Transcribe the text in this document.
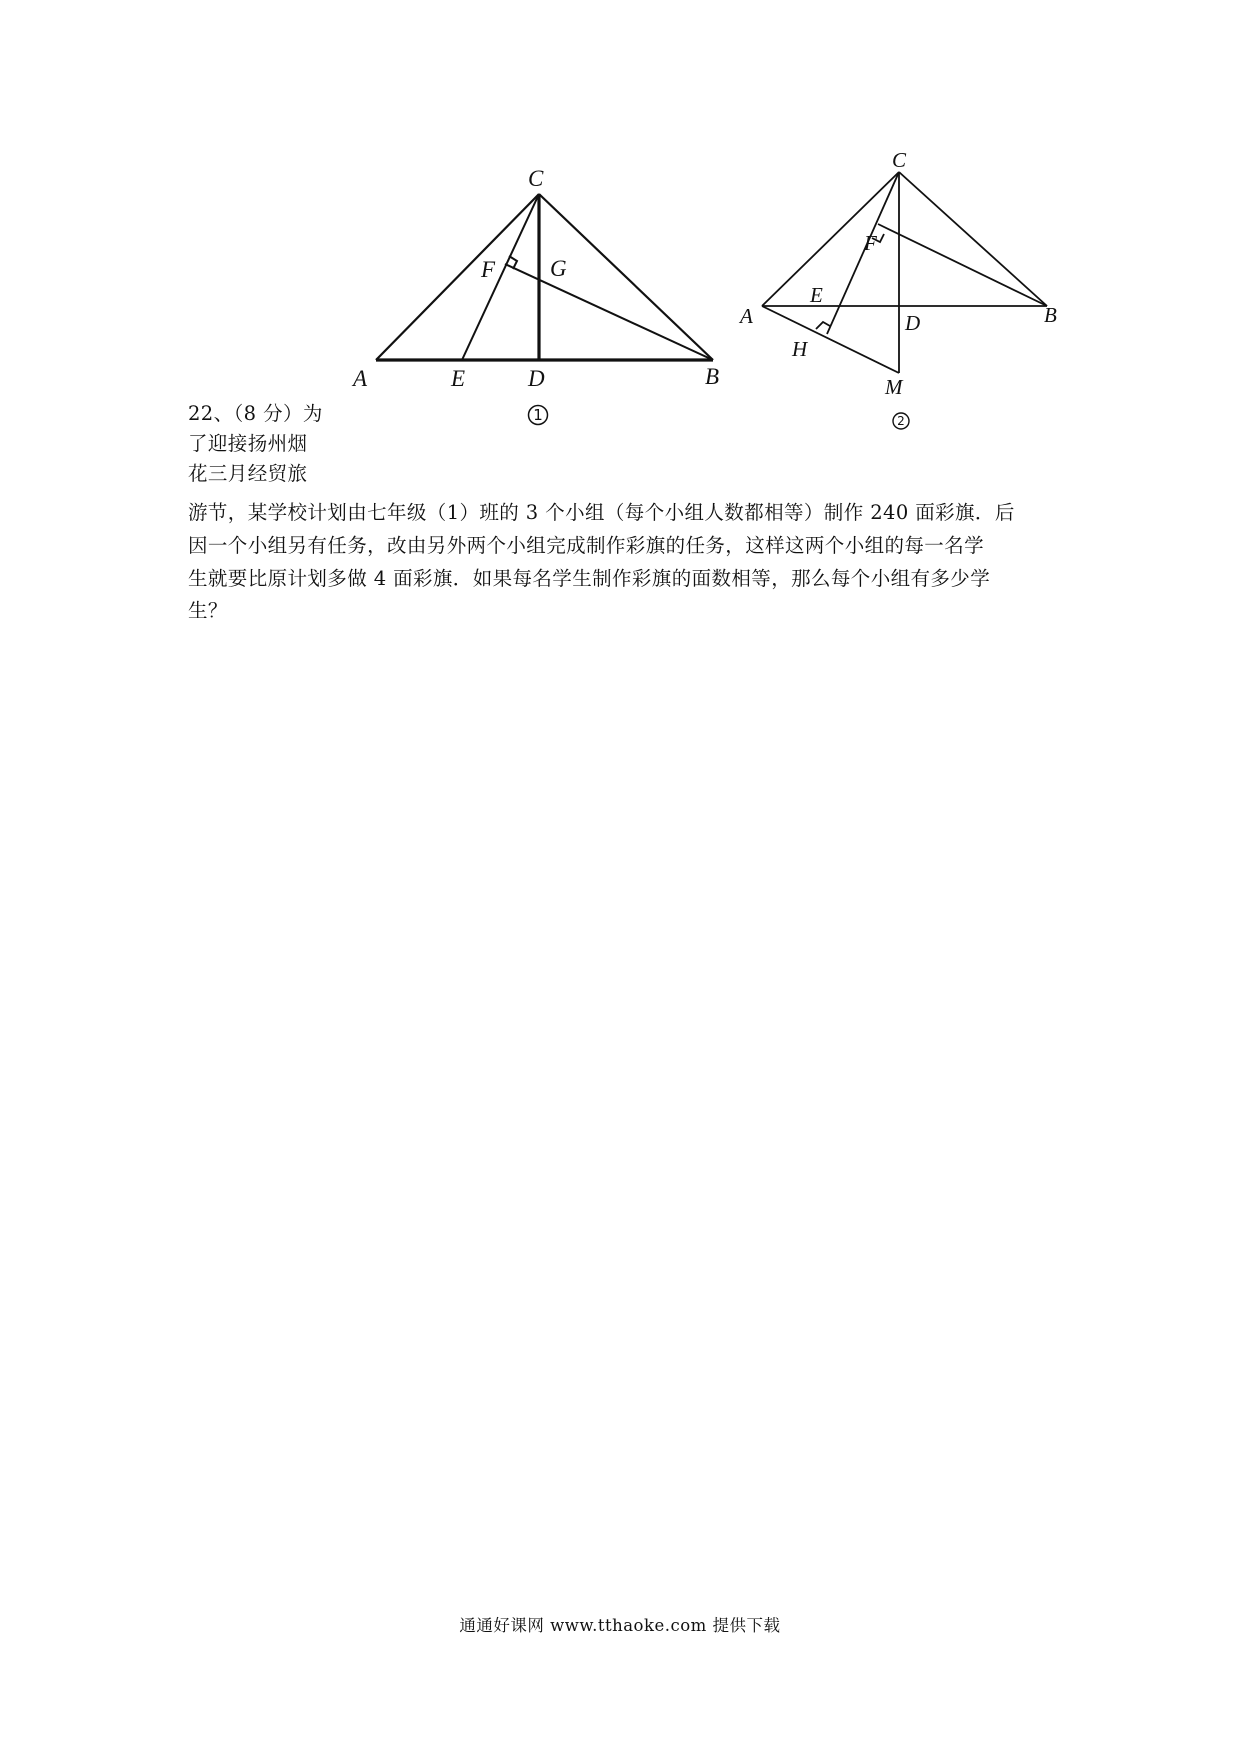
C
F G
A	E	D	B
1
C
F
E
A	D	B
H
M
2
22、（8 分）为
了迎接扬州烟
花三月经贸旅
游节，某学校计划由七年级（1）班的 3 个小组（每个小组人数都相等）制作 240 面彩旗．后
因一个小组另有任务，改由另外两个小组完成制作彩旗的任务，这样这两个小组的每一名学
生就要比原计划多做 4 面彩旗．如果每名学生制作彩旗的面数相等，那么每个小组有多少学
生？
通通好课网 www.tthaoke.com 提供下载
